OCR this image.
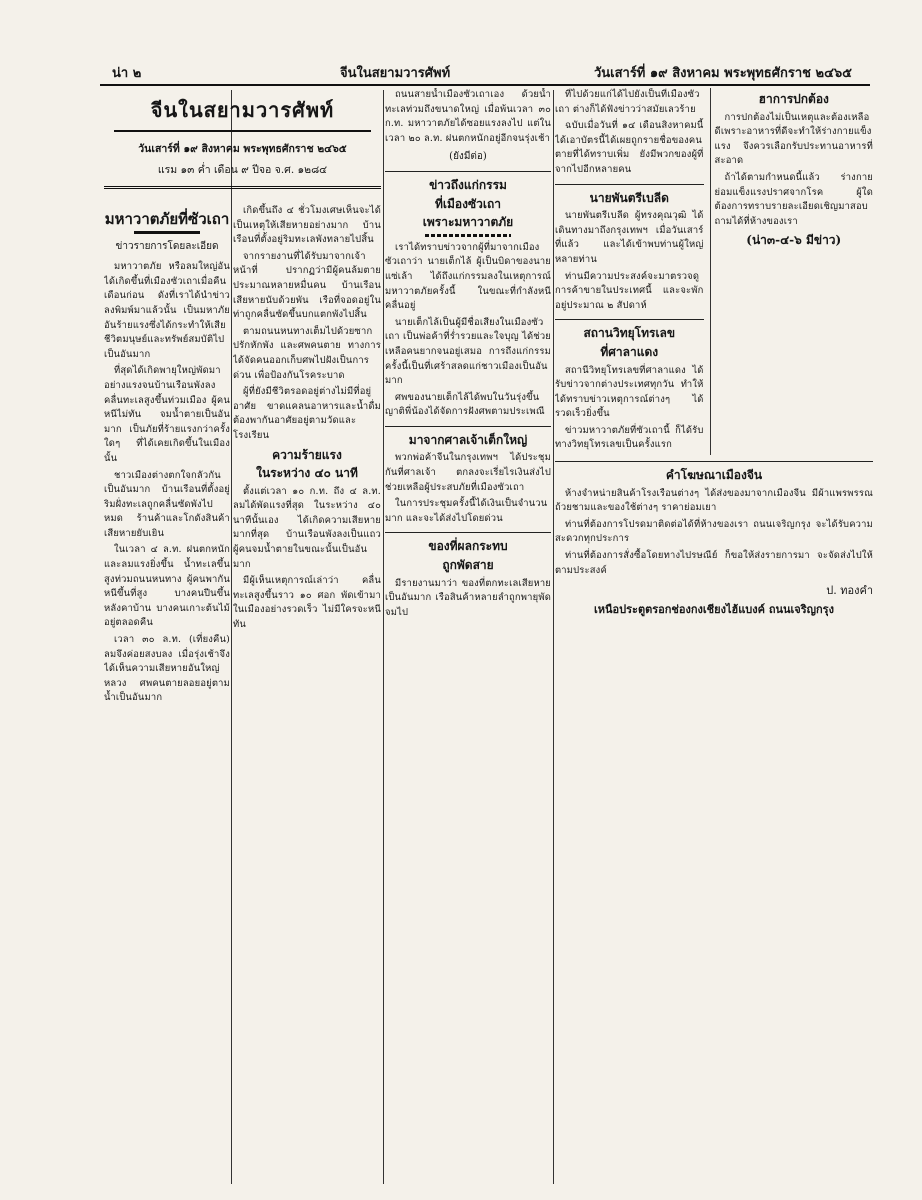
น่า ๒	จีนในสยามวารศัพท์	วันเสาร์ที่ ๑๙ สิงหาคม พระพุทธศักราช ๒๔๖๕
จีนในสยามวารศัพท์
วันเสาร์ที่ ๑๙ สิงหาคม พระพุทธศักราช ๒๔๖๕
แรม ๑๓ ค่ำ เดือน ๙ ปีจอ จ.ศ. ๑๒๘๔
มหาวาตภัยที่ซัวเถา
ข่าวรายการโดยละเอียด

มหาวาตภัย หรือลมใหญ่อันได้เกิดขึ้นที่เมืองซัวเถาเมื่อคืนเดือนก่อน ดังที่เราได้นำข่าวลงพิมพ์มาแล้วนั้น เป็นมหาภัยอันร้ายแรงซึ่งได้กระทำให้เสียชีวิตมนุษย์และทรัพย์สมบัติไปเป็นอันมาก

ที่สุดได้เกิดพายุใหญ่พัดมาอย่างแรงจนบ้านเรือนพังลง คลื่นทะเลสูงขึ้นท่วมเมือง ผู้คนหนีไม่ทัน จมน้ำตายเป็นอันมาก เป็นภัยที่ร้ายแรงกว่าครั้งใดๆ ที่ได้เคยเกิดขึ้นในเมืองนั้น

ชาวเมืองต่างตกใจกลัวกันเป็นอันมาก บ้านเรือนที่ตั้งอยู่ริมฝั่งทะเลถูกคลื่นซัดพังไปหมด ร้านค้าและโกดังสินค้าเสียหายยับเยิน

ในเวลา ๔ ล.ท. ฝนตกหนักและลมแรงยิ่งขึ้น น้ำทะเลขึ้นสูงท่วมถนนหนทาง ผู้คนพากันหนีขึ้นที่สูง บางคนปีนขึ้นหลังคาบ้าน บางคนเกาะต้นไม้อยู่ตลอดคืน

เวลา ๓๐ ล.ท. (เที่ยงคืน) ลมจึงค่อยสงบลง เมื่อรุ่งเช้าจึงได้เห็นความเสียหายอันใหญ่หลวง ศพคนตายลอยอยู่ตามน้ำเป็นอันมาก

เกิดขึ้นถึง ๔ ชั่วโมงเศษเห็นจะได้ เป็นเหตุให้เสียหายอย่างมาก บ้านเรือนที่ตั้งอยู่ริมทะเลพังทลายไปสิ้น

จากรายงานที่ได้รับมาจากเจ้าหน้าที่ ปรากฏว่ามีผู้คนล้มตายประมาณหลายหมื่นคน บ้านเรือนเสียหายนับด้วยพัน เรือที่จอดอยู่ในท่าถูกคลื่นซัดขึ้นบกแตกพังไปสิ้น

ตามถนนหนทางเต็มไปด้วยซากปรักหักพัง และศพคนตาย ทางการได้จัดคนออกเก็บศพไปฝังเป็นการด่วน เพื่อป้องกันโรคระบาด

ผู้ที่ยังมีชีวิตรอดอยู่ต่างไม่มีที่อยู่อาศัย ขาดแคลนอาหารและน้ำดื่ม ต้องพากันอาศัยอยู่ตามวัดและโรงเรียน

ความร้ายแรง
ในระหว่าง ๔๐ นาที

ตั้งแต่เวลา ๑๐ ก.ท. ถึง ๔ ล.ท. ลมได้พัดแรงที่สุด ในระหว่าง ๔๐ นาทีนั้นเอง ได้เกิดความเสียหายมากที่สุด บ้านเรือนพังลงเป็นแถว ผู้คนจมน้ำตายในขณะนั้นเป็นอันมาก

มีผู้เห็นเหตุการณ์เล่าว่า คลื่นทะเลสูงขึ้นราว ๑๐ ศอก พัดเข้ามาในเมืองอย่างรวดเร็ว ไม่มีใครจะหนีทัน

ถนนสายน้ำเมืองซัวเถาเอง ด้วยน้ำทะเลท่วมถึงขนาดใหญ่ เมื่อพ้นเวลา ๓๐ ก.ท. มหาวาตภัยได้ซอยแรงลงไป แต่ในเวลา ๒๐ ล.ท. ฝนตกหนักอยู่อีกจนรุ่งเช้า

(ยังมีต่อ)
ข่าวถึงแก่กรรม
ที่เมืองซัวเถา
เพราะมหาวาตภัย

เราได้ทราบข่าวจากผู้ที่มาจากเมืองซัวเถาว่า นายเต็กไล้ ผู้เป็นบิดาของนายแซ่เล้า ได้ถึงแก่กรรมลงในเหตุการณ์มหาวาตภัยครั้งนี้ ในขณะที่กำลังหนีคลื่นอยู่

นายเต็กไล้เป็นผู้มีชื่อเสียงในเมืองซัวเถา เป็นพ่อค้าที่ร่ำรวยและใจบุญ ได้ช่วยเหลือคนยากจนอยู่เสมอ การถึงแก่กรรมครั้งนี้เป็นที่เศร้าสลดแก่ชาวเมืองเป็นอันมาก

ศพของนายเต็กไล้ได้พบในวันรุ่งขึ้น ญาติพี่น้องได้จัดการฝังศพตามประเพณี

มาจากศาลเจ้าเต็กใหญ่

พวกพ่อค้าจีนในกรุงเทพฯ ได้ประชุมกันที่ศาลเจ้า ตกลงจะเรี่ยไรเงินส่งไปช่วยเหลือผู้ประสบภัยที่เมืองซัวเถา

ในการประชุมครั้งนี้ได้เงินเป็นจำนวนมาก และจะได้ส่งไปโดยด่วน

ของที่ผลกระทบ
ถูกพัดสาย

มีรายงานมาว่า ของที่ตกทะเลเสียหายเป็นอันมาก เรือสินค้าหลายลำถูกพายุพัดจมไป

ที่ไปด้วยแก่ได้ไปยังเป็นที่เมืองซัวเถา ต่างก็ได้ฟังข่าวว่าสมัยเลวร้าย

ฉบับเมื่อวันที่ ๑๔ เดือนสิงหาคมนี้ได้เอาบัตรนี้ได้เผยถูกรายชื่อของคนตายที่ได้ทราบเพิ่ม ยังมีพวกของผู้ที่จากไปอีกหลายคน

นายพันตรีเบลีด

นายพันตรีเบลีด ผู้ทรงคุณวุฒิ ได้เดินทางมาถึงกรุงเทพฯ เมื่อวันเสาร์ที่แล้ว และได้เข้าพบท่านผู้ใหญ่หลายท่าน

ท่านมีความประสงค์จะมาตรวจดูการค้าขายในประเทศนี้ และจะพักอยู่ประมาณ ๒ สัปดาห์

สถานวิทยุโทรเลข
ที่ศาลาแดง

สถานีวิทยุโทรเลขที่ศาลาแดง ได้รับข่าวจากต่างประเทศทุกวัน ทำให้ได้ทราบข่าวเหตุการณ์ต่างๆ ได้รวดเร็วยิ่งขึ้น

ข่าวมหาวาตภัยที่ซัวเถานี้ ก็ได้รับทางวิทยุโทรเลขเป็นครั้งแรก

ฮาการปกต้อง

การปกต้องไม่เป็นเหตุและต้องเหลือดีเพราะอาหารที่ดีจะทำให้ร่างกายแข็งแรง จึงควรเลือกรับประทานอาหารที่สะอาด

ถ้าได้ตามกำหนดนี้แล้ว ร่างกายย่อมแข็งแรงปราศจากโรค ผู้ใดต้องการทราบรายละเอียดเชิญมาสอบถามได้ที่ห้างของเรา

(น่า๓-๔-๖ มีข่าว)
คำโฆษณาเมืองจีน

ห้างจำหน่ายสินค้าโรงเรือนต่างๆ ได้ส่งของมาจากเมืองจีน มีผ้าแพรพรรณ ถ้วยชามและของใช้ต่างๆ ราคาย่อมเยา

ท่านที่ต้องการโปรดมาติดต่อได้ที่ห้างของเรา ถนนเจริญกรุง จะได้รับความสะดวกทุกประการ

ท่านที่ต้องการสั่งซื้อโดยทางไปรษณีย์ ก็ขอให้ส่งรายการมา จะจัดส่งไปให้ตามประสงค์

ป. ทองคำ
เหนือประตูตรอกช่องกงเชียงไฮ้แบงค์ ถนนเจริญกรุง
